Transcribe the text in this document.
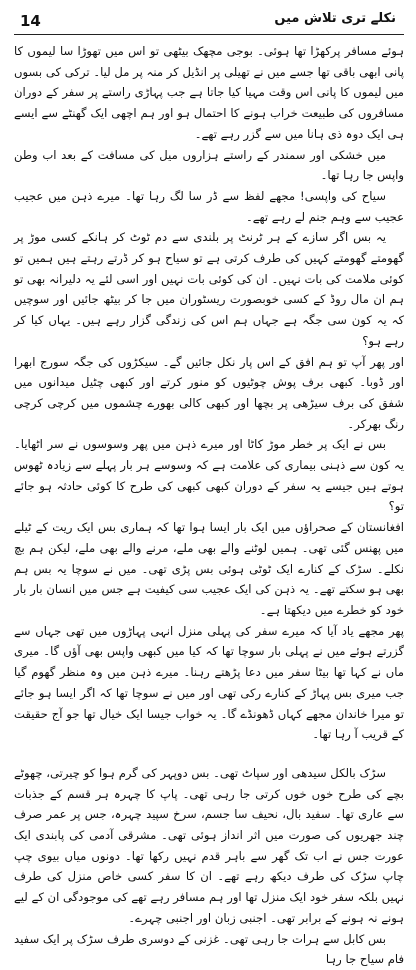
14	نکلے تری تلاش میں

ہوئے مسافر پرکھڑا تھا ہوئی۔ بوجی مچھک بیٹھی تو اس میں تھوڑا سا لیموں کا پانی ابھی باقی تھا جسے میں نے تھیلی پر انڈیل کر منہ پر مل لیا۔ ترکی کی بسوں میں لیموں کا پانی اس وقت مہیا کیا جاتا ہے جب پہاڑی راستے پر سفر کے دوران مسافروں کی طبیعت خراب ہونے کا احتمال ہو اور ہم اچھی ایک گھنٹے سے ایسے ہی ایک دوہ ذی ہانا میں سے گزر رہے تھے۔

میں خشکی اور سمندر کے راستے ہزاروں میل کی مسافت کے بعد اب وطن واپس جا رہا تھا۔

سیاح کی واپسی! مجھے لفظ سے ڈر سا لگ رہا تھا۔ میرے ذہن میں عجیب عجیب سے وہم جنم لے رہے تھے۔

یہ بس اگر سازے کے ہر ٹرنٹ پر بلندی سے دم ٹوٹ کر ہانکے کسی موڑ پر گھومتے گھومتے کہیں کی طرف کرتی ہے تو سیاح ہو کر ڈرتے رہتے ہیں ہمیں تو کوئی ملامت کی بات نہیں۔ ان کی کوئی بات نہیں اور اسی لئے یہ دلیرانہ بھی تو ہم ان مال روڈ کے کسی خوبصورت ریسٹوران میں جا کر بیٹھ جائیں اور سوچیں کہ یہ کون سی جگہ ہے جہاں ہم اس کی زندگی گزار رہے ہیں۔ یہاں کیا کر رہے ہو؟

اور پھر آپ تو ہم افق کے اس پار نکل جائیں گے۔ سیکڑوں کی جگہ سورج ابھرا اور ڈوبا۔ کبھی برف پوش چوٹیوں کو منور کرتے اور کبھی چٹیل میدانوں میں شفق کی برف سیڑھی پر بچھا اور کبھی کالی بھورے چشموں میں کرچی کرچی رنگ بھرکر۔

بس نے ایک پر خطر موڑ کاٹا اور میرے ذہن میں پھر وسوسوں نے سر اٹھایا۔ یہ کون سے ذہنی بیماری کی علامت ہے کہ وسوسے ہر بار پہلے سے زیادہ ٹھوس ہوتے ہیں جیسے یہ سفر کے دوران کبھی کبھی کی طرح کا کوئی حادثہ ہو جائے تو؟

افغانستان کے صحراؤں میں ایک بار ایسا ہوا تھا کہ ہماری بس ایک ریت کے ٹیلے میں پھنس گئی تھی۔ ہمیں لوٹنے والے بھی ملے، مرنے والے بھی ملے، لیکن ہم بچ نکلے۔ سڑک کے کنارے ایک ٹوٹی ہوئی بس پڑی تھی۔ میں نے سوچا یہ بس ہم بھی ہو سکتے تھے۔ یہ ذہن کی ایک عجیب سی کیفیت ہے جس میں انسان بار بار خود کو خطرے میں دیکھتا ہے۔

پھر مجھے یاد آیا کہ میرے سفر کی پہلی منزل انہی پہاڑوں میں تھی جہاں سے گزرتے ہوئے میں نے پہلی بار سوچا تھا کہ کیا میں کبھی واپس بھی آؤں گا۔ میری ماں نے کہا تھا بیٹا سفر میں دعا پڑھتے رہنا۔ میرے ذہن میں وہ منظر گھوم گیا جب میری بس پہاڑ کے کنارے رکی تھی اور میں نے سوچا تھا کہ اگر ایسا ہو جائے تو میرا خاندان مجھے کہاں ڈھونڈے گا۔ یہ خواب جیسا ایک خیال تھا جو آج حقیقت کے قریب آ رہا تھا۔

سڑک بالکل سیدھی اور سپاٹ تھی۔ بس دوپہر کی گرم ہوا کو چیرتی، چھوٹے بچے کی طرح خوں خوں کرتی جا رہی تھی۔ پاپ کا چہرہ ہر قسم کے جذبات سے عاری تھا۔ سفید بال، نحیف سا جسم، سرخ سپید چہرہ، جس پر عمر صرف چند جھریوں کی صورت میں اثر انداز ہوئی تھی۔ مشرقی آدمی کی پابندی ایک عورت جس نے اب تک گھر سے باہر قدم نہیں رکھا تھا۔ دونوں میاں بیوی چپ چاپ سڑک کی طرف دیکھ رہے تھے۔ ان کا سفر کسی خاص منزل کی طرف نہیں بلکہ سفر خود ایک منزل تھا اور ہم مسافر رہے تھے کی موجودگی ان کے لیے ہونے نہ ہونے کے برابر تھی۔ اجنبی زبان اور اجنبی چہرے۔

بس کابل سے ہرات جا رہی تھی۔ غزنی کے دوسری طرف سڑک پر ایک سفید فام سیاح جا رہا
